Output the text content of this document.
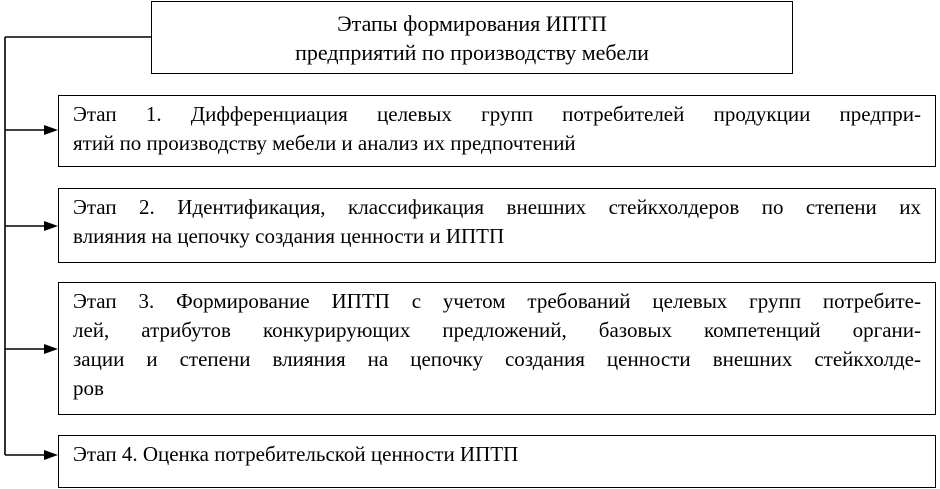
Этапы формирования ИПТП
предприятий по производству мебели
Этап 1. Дифференциация целевых групп потребителей продукции предпри-
ятий по производству мебели и анализ их предпочтений
Этап 2. Идентификация, классификация внешних стейкхолдеров по степени их
влияния на цепочку создания ценности и ИПТП
Этап 3. Формирование ИПТП с учетом требований целевых групп потребите-
лей, атрибутов конкурирующих предложений, базовых компетенций органи-
зации и степени влияния на цепочку создания ценности внешних стейкхолде-
ров
Этап 4. Оценка потребительской ценности ИПТП
